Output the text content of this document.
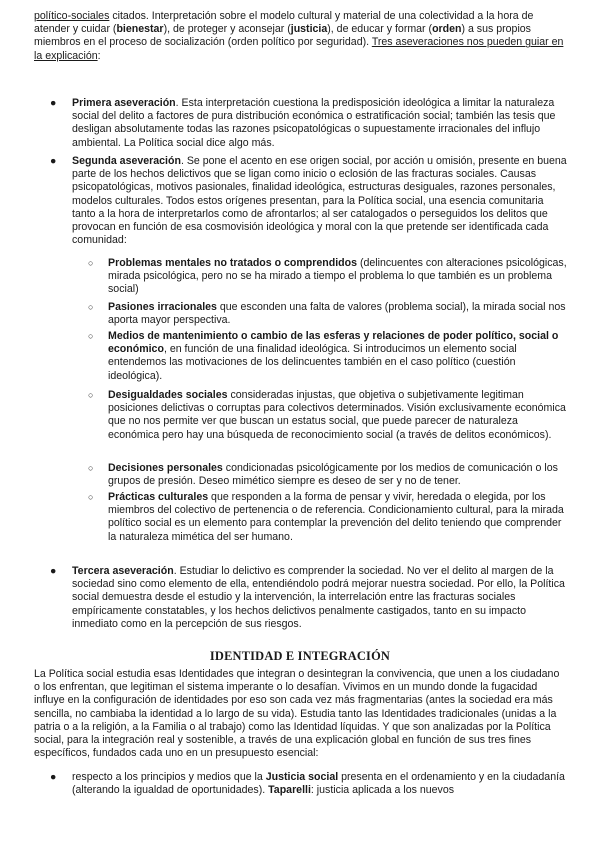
político-sociales citados. Interpretación sobre el modelo cultural y material de una colectividad a la hora de atender y cuidar (bienestar), de proteger y aconsejar (justicia), de educar y formar (orden) a sus propios miembros en el proceso de socialización (orden político por seguridad). Tres aseveraciones nos pueden guiar en la explicación:

●	Primera aseveración. Esta interpretación cuestiona la predisposición ideológica a limitar la naturaleza social del delito a factores de pura distribución económica o estratificación social; también las tesis que desligan absolutamente todas las razones psicopatológicas o supuestamente irracionales del influjo ambiental. La Política social dice algo más.
●	Segunda aseveración. Se pone el acento en ese origen social, por acción u omisión, presente en buena parte de los hechos delictivos que se ligan como inicio o eclosión de las fracturas sociales. Causas psicopatológicas, motivos pasionales, finalidad ideológica, estructuras desiguales, razones personales, modelos culturales. Todos estos orígenes presentan, para la Política social, una esencia comunitaria tanto a la hora de interpretarlos como de afrontarlos; al ser catalogados o perseguidos los delitos que provocan en función de esa cosmovisión ideológica y moral con la que pretende ser identificada cada comunidad:
○	Problemas mentales no tratados o comprendidos (delincuentes con alteraciones psicológicas, mirada psicológica, pero no se ha mirado a tiempo el problema lo que también es un problema social)
○	Pasiones irracionales que esconden una falta de valores (problema social), la mirada social nos aporta mayor perspectiva.
○	Medios de mantenimiento o cambio de las esferas y relaciones de poder político, social o económico, en función de una finalidad ideológica. Si introducimos un elemento social entendemos las motivaciones de los delincuentes también en el caso político (cuestión ideológica).
○	Desigualdades sociales consideradas injustas, que objetiva o subjetivamente legitiman posiciones delictivas o corruptas para colectivos determinados. Visión exclusivamente económica que no nos permite ver que buscan un estatus social, que puede parecer de naturaleza económica pero hay una búsqueda de reconocimiento social (a través de delitos económicos).
○	Decisiones personales condicionadas psicológicamente por los medios de comunicación o los grupos de presión. Deseo mimético siempre es deseo de ser y no de tener.
○	Prácticas culturales que responden a la forma de pensar y vivir, heredada o elegida, por los miembros del colectivo de pertenencia o de referencia. Condicionamiento cultural, para la mirada político social es un elemento para contemplar la prevención del delito teniendo que comprender la naturaleza mimética del ser humano.
●	Tercera aseveración. Estudiar lo delictivo es comprender la sociedad. No ver el delito al margen de la sociedad sino como elemento de ella, entendiéndolo podrá mejorar nuestra sociedad. Por ello, la Política social demuestra desde el estudio y la intervención, la interrelación entre las fracturas sociales empíricamente constatables, y los hechos delictivos penalmente castigados, tanto en su impacto inmediato como en la percepción de sus riesgos.
IDENTIDAD E INTEGRACIÓN

La Política social estudia esas Identidades que integran o desintegran la convivencia, que unen a los ciudadano o los enfrentan, que legitiman el sistema imperante o lo desafían. Vivimos en un mundo donde la fugacidad influye en la configuración de identidades por eso son cada vez más fragmentarias (antes la sociedad era más sencilla, no cambiaba la identidad a lo largo de su vida). Estudia tanto las Identidades tradicionales (unidas a la patria o a la religión, a la Familia o al trabajo) como las Identidad líquidas. Y que son analizadas por la Política social, para la integración real y sostenible, a través de una explicación global en función de sus tres fines específicos, fundados cada uno en un presupuesto esencial:

●	respecto a los principios y medios que la Justicia social presenta en el ordenamiento y en la ciudadanía (alterando la igualdad de oportunidades). Taparelli: justicia aplicada a los nuevos
